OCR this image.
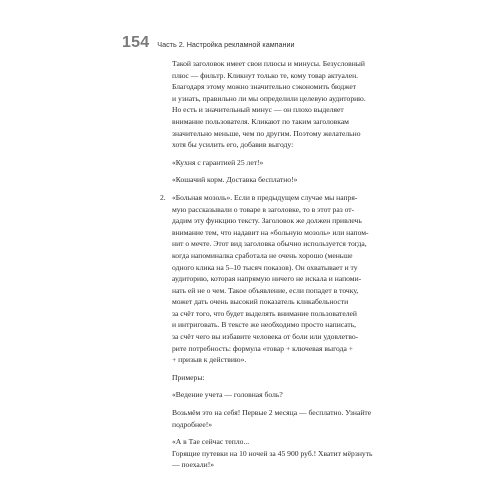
154 Часть 2. Настройка рекламной кампании
Такой заголовок имеет свои плюсы и минусы. Безусловный
плюс — фильтр. Кликнут только те, кому товар актуален.
Благодаря этому можно значительно сэкономить бюджет
и узнать, правильно ли мы определили целевую аудиторию.
Но есть и значительный минус — он плохо выделяет
внимание пользователя. Кликают по таким заголовкам
значительно меньше, чем по другим. Поэтому желательно
хотя бы усилить его, добавив выгоду:
«Кухня с гарантией 25 лет!»
«Кошачий корм. Доставка бесплатно!»
2. «Больная мозоль». Если в предыдущем случае мы напря-
мую рассказывали о товаре в заголовке, то в этот раз от-
дадим эту функцию тексту. Заголовок же должен привлечь
внимание тем, что надавит на «больную мозоль» или напом-
нит о мечте. Этот вид заголовка обычно используется тогда,
когда напоминалка сработала не очень хорошо (меньше
одного клика на 5–10 тысяч показов). Он охватывает и ту
аудиторию, которая напрямую ничего не искала и напоми-
нать ей не о чем. Такое объявление, если попадет в точку,
может дать очень высокий показатель кликабельности
за счёт того, что будет выделять внимание пользователей
и интриговать. В тексте же необходимо просто написать,
за счёт чего вы избавите человека от боли или удовлетво-
рите потребность: формула «товар + ключевая выгода +
+ призыв к действию».
Примеры:
«Ведение учета — головная боль?
Возьмём это на себя! Первые 2 месяца — бесплатно. Узнайте
подробнее!»
«А в Тае сейчас тепло...
Горящие путевки на 10 ночей за 45 900 руб.! Хватит мёрзнуть
— поехали!»
